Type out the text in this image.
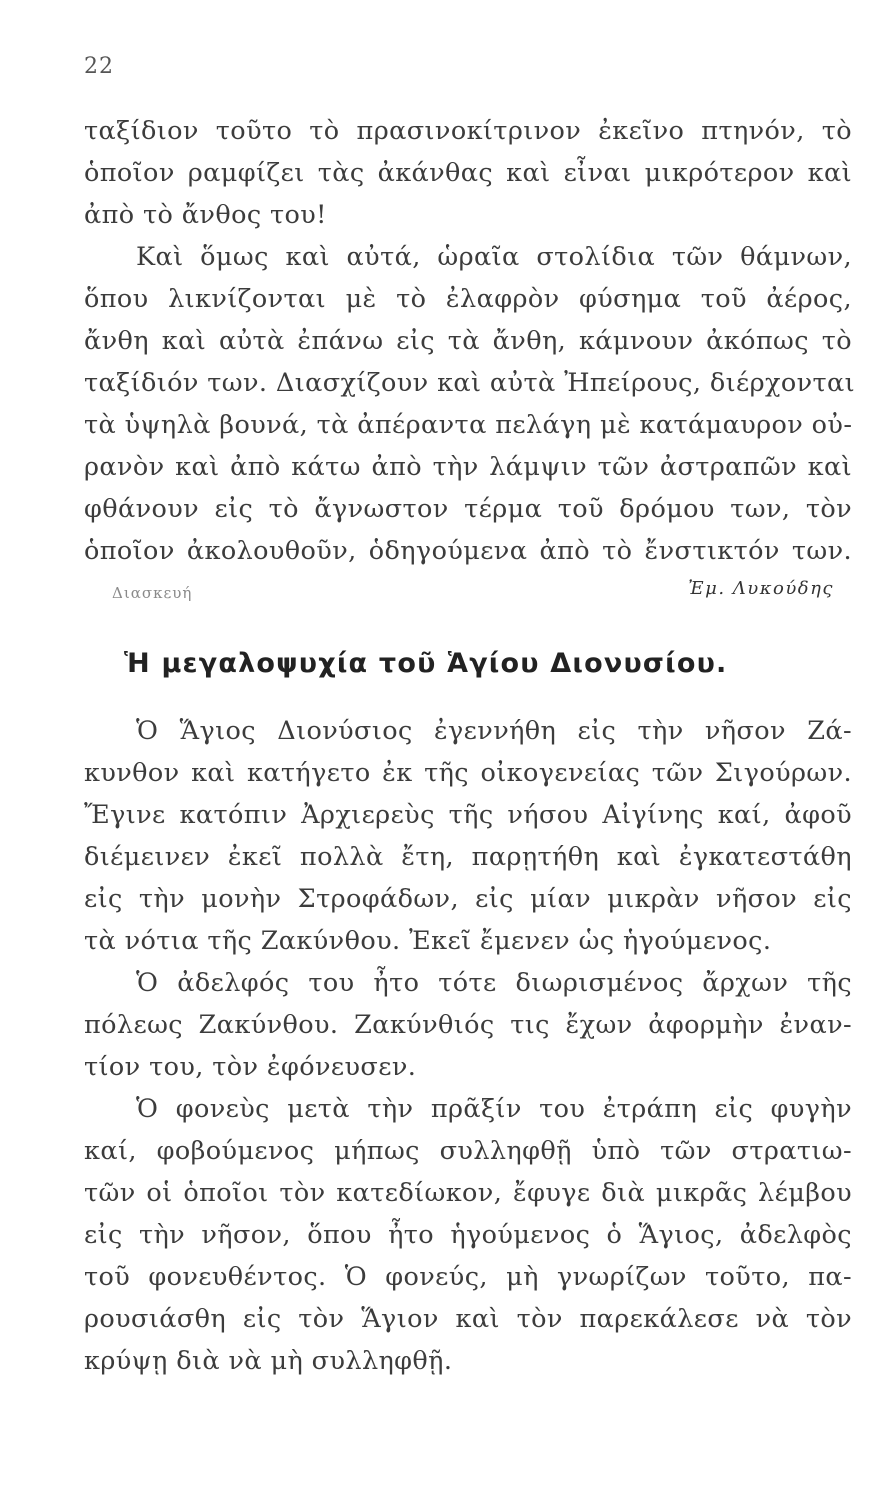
22
ταξίδιον τοῦτο τὸ πρασινοκίτρινον ἐκεῖνο πτηνόν, τὸ
ὁποῖον ραμφίζει τὰς ἀκάνθας καὶ εἶναι μικρότερον καὶ
ἀπὸ τὸ ἄνθος του!
Καὶ ὅμως καὶ αὐτά, ὡραῖα στολίδια τῶν θάμνων,
ὅπου λικνίζονται μὲ τὸ ἐλαφρὸν φύσημα τοῦ ἀέρος,
ἄνθη καὶ αὐτὰ ἐπάνω εἰς τὰ ἄνθη, κάμνουν ἀκόπως τὸ
ταξίδιόν των. Διασχίζουν καὶ αὐτὰ Ἠπείρους, διέρχονται
τὰ ὑψηλὰ βουνά, τὰ ἀπέραντα πελάγη μὲ κατάμαυρον οὐ-
ρανὸν καὶ ἀπὸ κάτω ἀπὸ τὴν λάμψιν τῶν ἀστραπῶν καὶ
φθάνουν εἰς τὸ ἄγνωστον τέρμα τοῦ δρόμου των, τὸν
ὁποῖον ἀκολουθοῦν, ὁδηγούμενα ἀπὸ τὸ ἔνστικτόν των.
Διασκευή	Ἐμ. Λυκούδης
Ἡ μεγαλοψυχία τοῦ Ἁγίου Διονυσίου.
Ὁ Ἅγιος Διονύσιος ἐγεννήθη εἰς τὴν νῆσον Ζά-
κυνθον καὶ κατήγετο ἐκ τῆς οἰκογενείας τῶν Σιγούρων.
Ἔγινε κατόπιν Ἀρχιερεὺς τῆς νήσου Αἰγίνης καί, ἀφοῦ
διέμεινεν ἐκεῖ πολλὰ ἔτη, παρῃτήθη καὶ ἐγκατεστάθη
εἰς τὴν μονὴν Στροφάδων, εἰς μίαν μικρὰν νῆσον εἰς
τὰ νότια τῆς Ζακύνθου. Ἐκεῖ ἔμενεν ὡς ἡγούμενος.
Ὁ ἀδελφός του ἦτο τότε διωρισμένος ἄρχων τῆς
πόλεως Ζακύνθου. Ζακύνθιός τις ἔχων ἀφορμὴν ἐναν-
τίον του, τὸν ἐφόνευσεν.
Ὁ φονεὺς μετὰ τὴν πρᾶξίν του ἐτράπη εἰς φυγὴν
καί, φοβούμενος μήπως συλληφθῇ ὑπὸ τῶν στρατιω-
τῶν οἱ ὁποῖοι τὸν κατεδίωκον, ἔφυγε διὰ μικρᾶς λέμβου
εἰς τὴν νῆσον, ὅπου ἦτο ἡγούμενος ὁ Ἅγιος, ἀδελφὸς
τοῦ φονευθέντος. Ὁ φονεύς, μὴ γνωρίζων τοῦτο, πα-
ρουσιάσθη εἰς τὸν Ἅγιον καὶ τὸν παρεκάλεσε νὰ τὸν
κρύψῃ διὰ νὰ μὴ συλληφθῇ.
